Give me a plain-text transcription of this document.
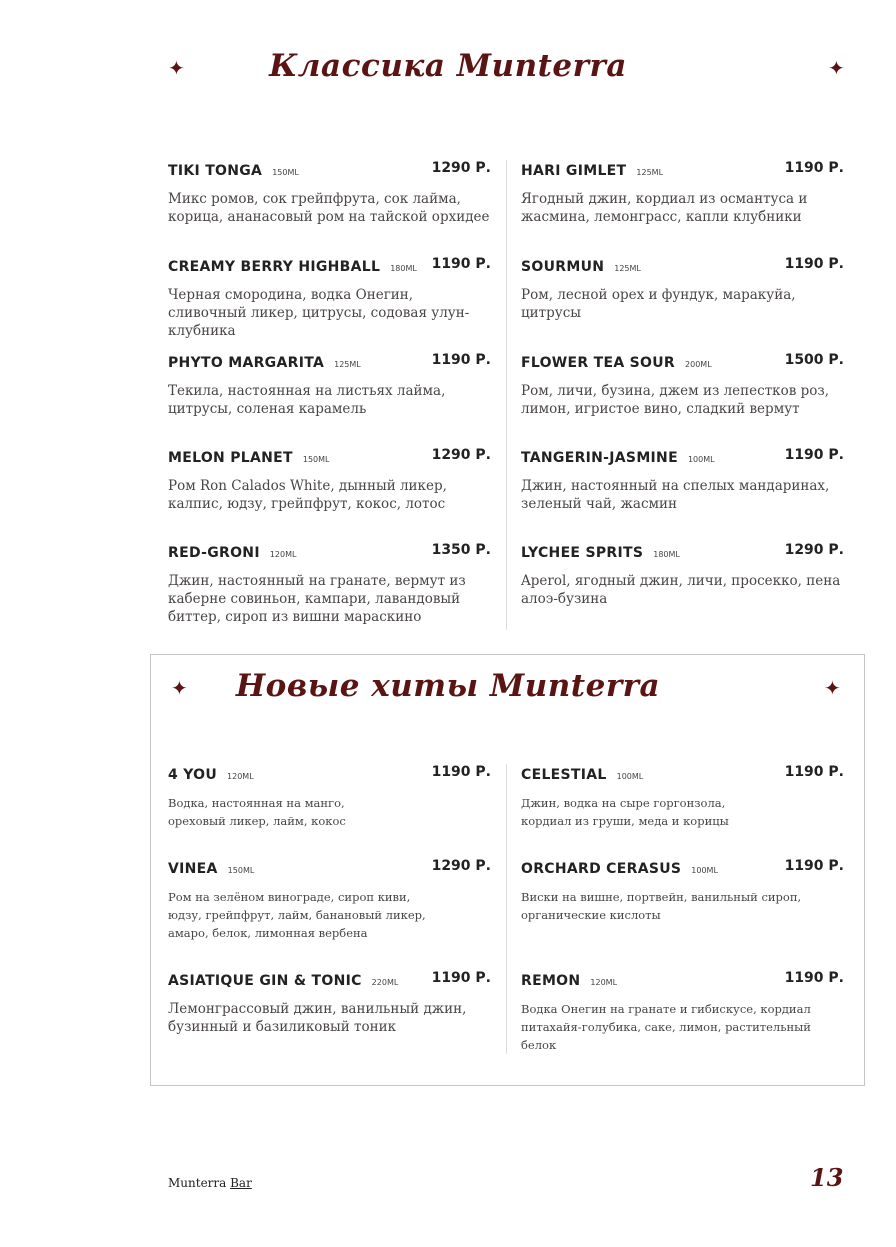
✦	Классика Munterra	✦
TIKI TONGA 150ML	1290 Р.
Микс ромов, сок грейпфрута, сок лайма, корица, ананасовый ром на тайской орхидее
CREAMY BERRY HIGHBALL 180ML 1190 Р.
Черная смородина, водка Онегин, сливочный ликер, цитрусы, содовая улун-клубника
PHYTO MARGARITA 125ML	1190 Р.
Текила, настоянная на листьях лайма, цитрусы, соленая карамель
MELON PLANET 150ML	1290 Р.
Ром Ron Calados White, дынный ликер, калпис, юдзу, грейпфрут, кокос, лотос
RED-GRONI 120ML	1350 Р.
Джин, настоянный на гранате, вермут из каберне совиньон, кампари, лавандовый биттер, сироп из вишни мараскино
HARI GIMLET 125ML	1190 Р.
Ягодный джин, кордиал из османтуса и жасмина, лемонграсс, капли клубники
SOURMUN 125ML	1190 Р.
Ром, лесной орех и фундук, маракуйа, цитрусы
FLOWER TEA SOUR 200ML	1500 Р.
Ром, личи, бузина, джем из лепестков роз, лимон, игристое вино, сладкий вермут
TANGERIN-JASMINE 100ML	1190 Р.
Джин, настоянный на спелых мандаринах, зеленый чай, жасмин
LYCHEE SPRITS 180ML	1290 Р.
Aperol, ягодный джин, личи, просекко, пена алоэ-бузина
✦	Новые хиты Munterra	✦
4 YOU 120ML	1190 Р.
Водка, настоянная на манго, ореховый ликер, лайм, кокос
VINEA 150ML	1290 Р.
Ром на зелёном винограде, сироп киви, юдзу, грейпфрут, лайм, банановый ликер, амаро, белок, лимонная вербена
ASIATIQUE GIN & TONIC 220ML 1190 Р.
Лемонграссовый джин, ванильный джин, бузинный и базиликовый тоник
CELESTIAL 100ML	1190 Р.
Джин, водка на сыре горгонзола, кордиал из груши, меда и корицы
ORCHARD CERASUS 100ML	1190 Р.
Виски на вишне, портвейн, ванильный сироп, органические кислоты
REMON 120ML	1190 Р.
Водка Онегин на гранате и гибискусе, кордиал питахайя-голубика, саке, лимон, растительный белок
Munterra Bar	13
